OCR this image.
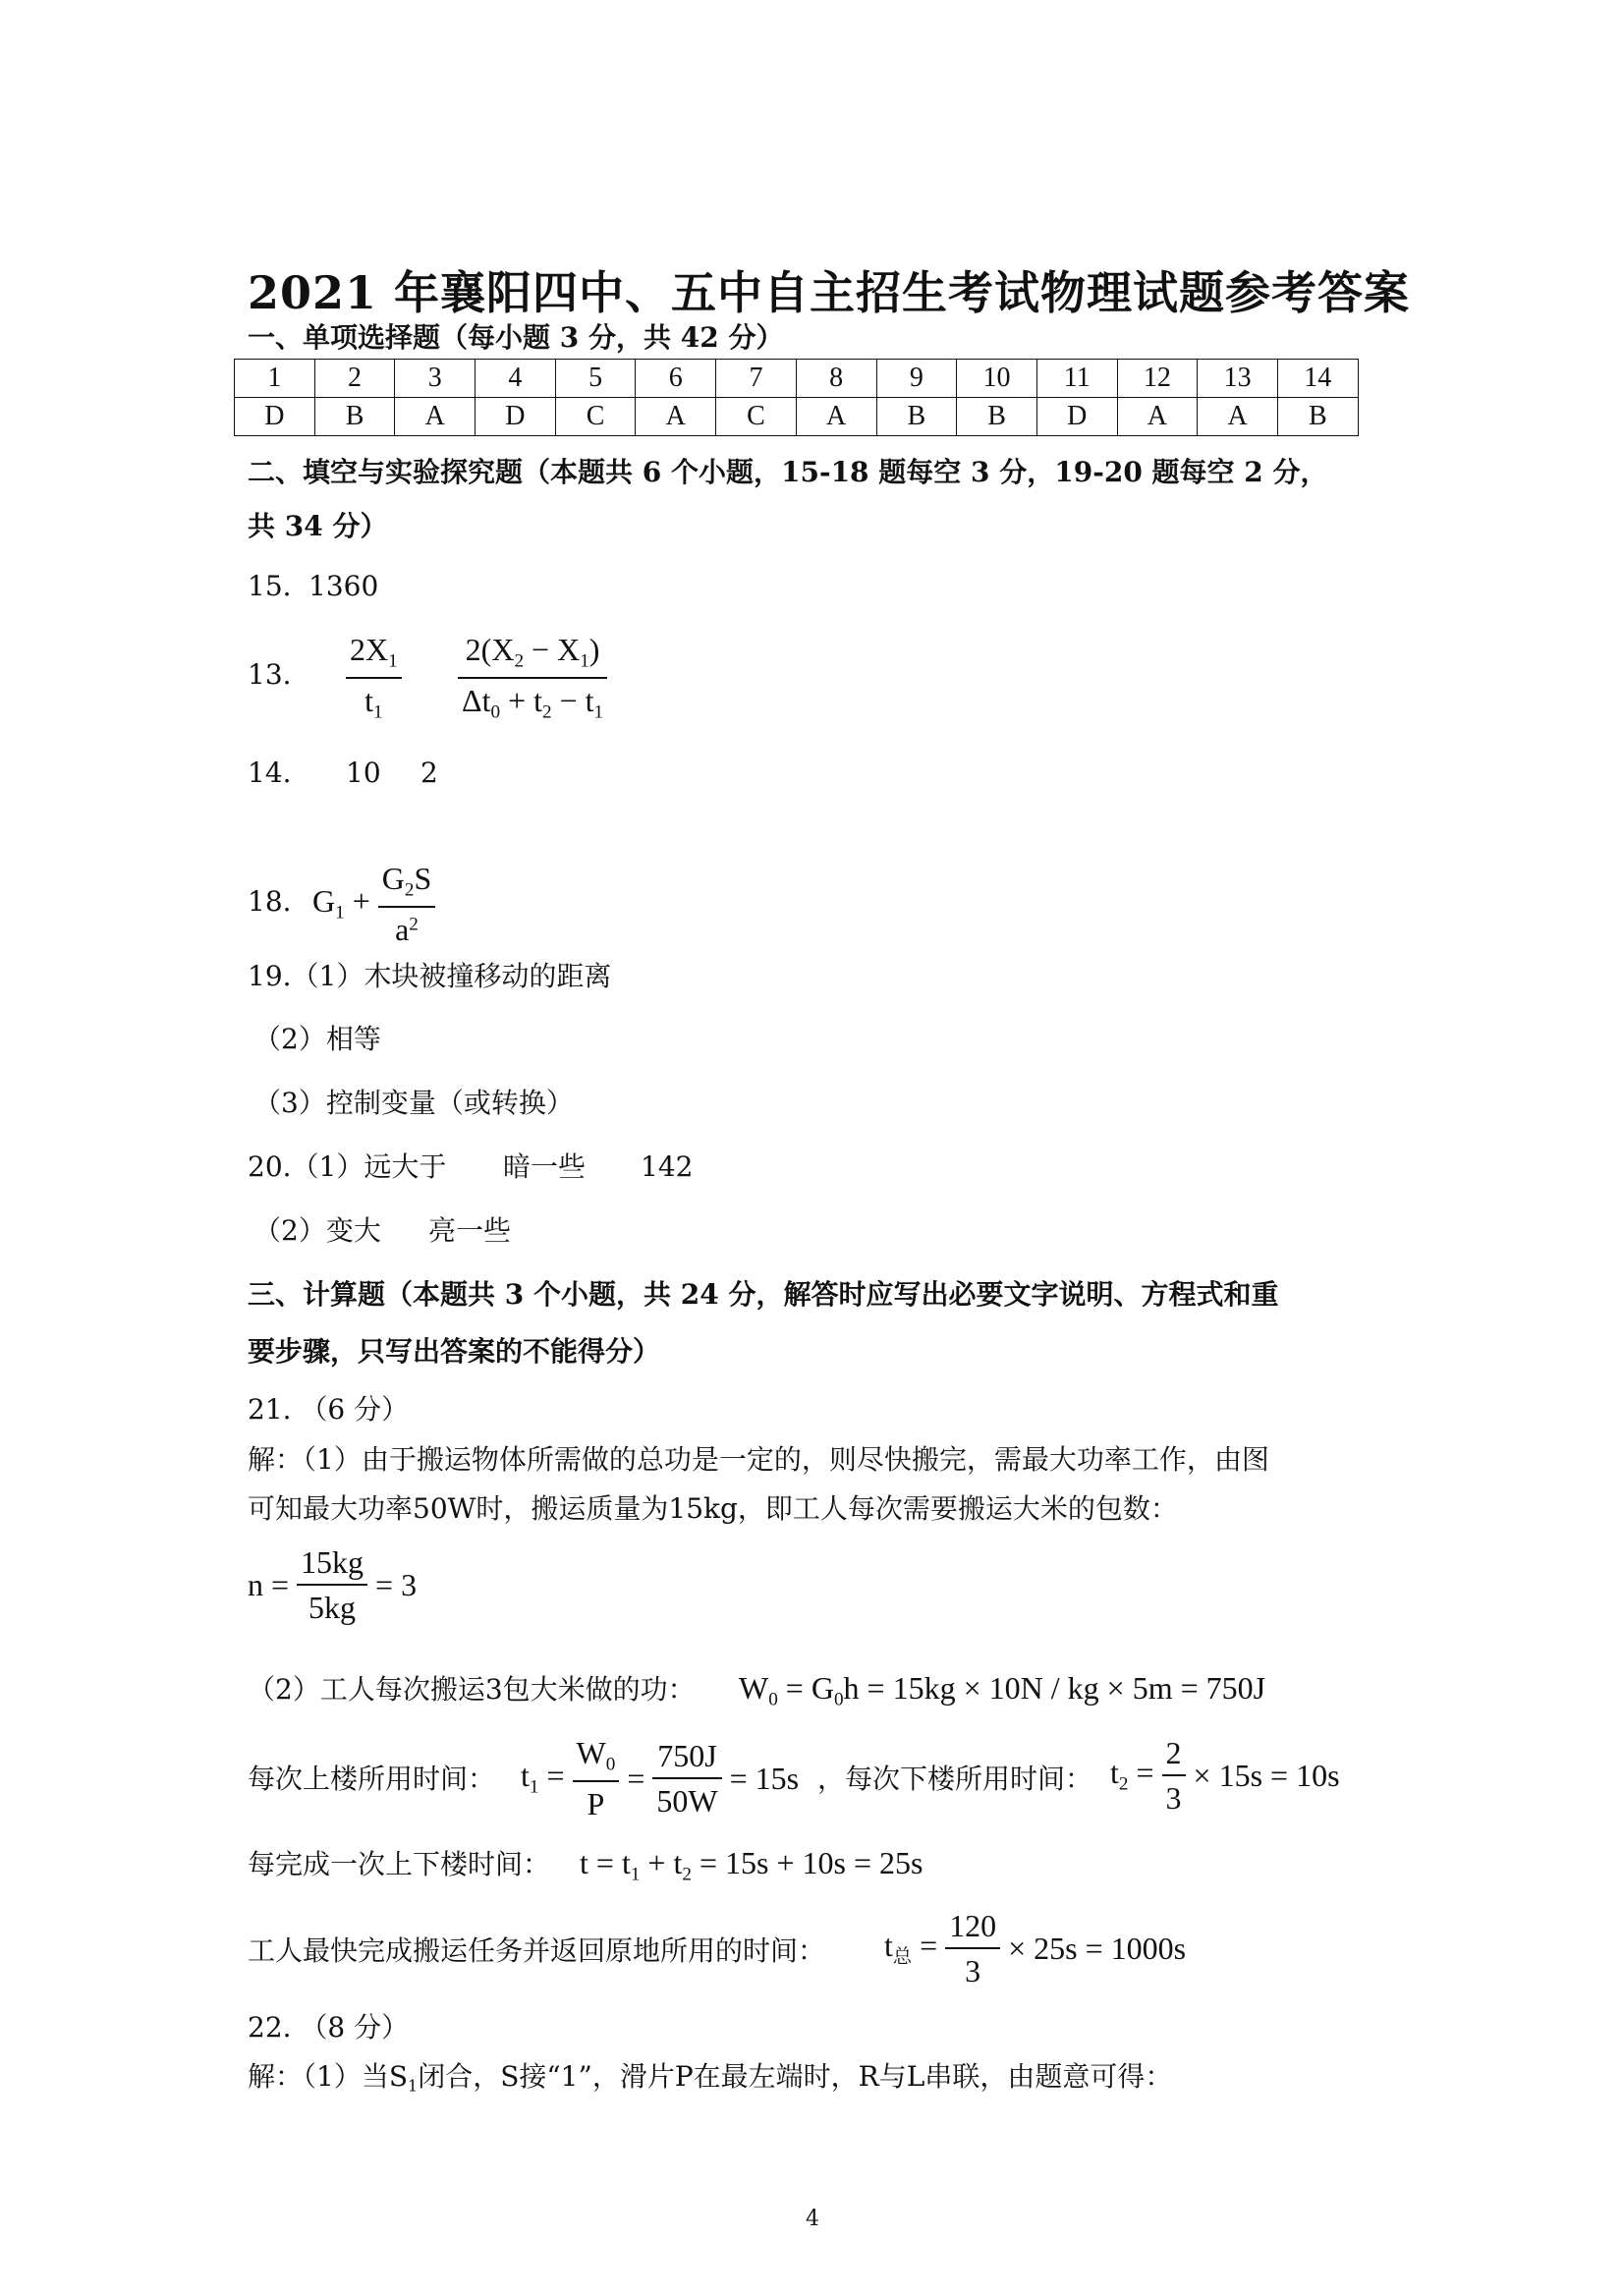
2021 年襄阳四中、五中自主招生考试物理试题参考答案
一、单项选择题（每小题 3 分，共 42 分）
1	2	3	4	5	6	7	8	9	10	11	12	13	14
D	B	A	D	C	A	C	A	B	B	D	A	A	B
二、填空与实验探究题（本题共 6 个小题，15-18 题每空 3 分，19-20 题每空 2 分，
共 34 分）
15. 1360
13. $\frac{2X_1}{t_1} \frac{2(X_2 - X_1)}{\Delta t_0 + t_2 - t_1}$
14. 10 2
18. $G_1 + \frac{G_2S}{a^2}$
19.（1）木块被撞移动的距离
（2）相等
（3）控制变量（或转换）
20.（1）远大于 暗一些 142
（2）变大 亮一些
三、计算题（本题共 3 个小题，共 24 分，解答时应写出必要文字说明、方程式和重
要步骤，只写出答案的不能得分）
21. （6 分）
解：（1）由于搬运物体所需做的总功是一定的，则尽快搬完，需最大功率工作，由图
可知最大功率50W时，搬运质量为15kg，即工人每次需要搬运大米的包数：
$n = \frac{15kg}{5kg} = 3$
（2）工人每次搬运3包大米做的功： $W_0 = G_0h = 15kg \times 10N$ / kg × 5m = 750J
每次上楼所用时间： $t_1 = \frac{W_0}{P} = \frac{750J}{50W} = 15s$ ，每次下楼所用时间： $t_2 = \frac{2}{3} \times 15s = 10s$
每完成一次上下楼时间： $t = t_1 + t_2 = 15s + 10s = 25s$
工人最快完成搬运任务并返回原地所用的时间： $t_总 = \frac{120}{3} \times 25s = 1000s$
22. （8 分）
解：（1）当$S_1$闭合，S接“1”，滑片P在最左端时，R与L串联，由题意可得：
4
